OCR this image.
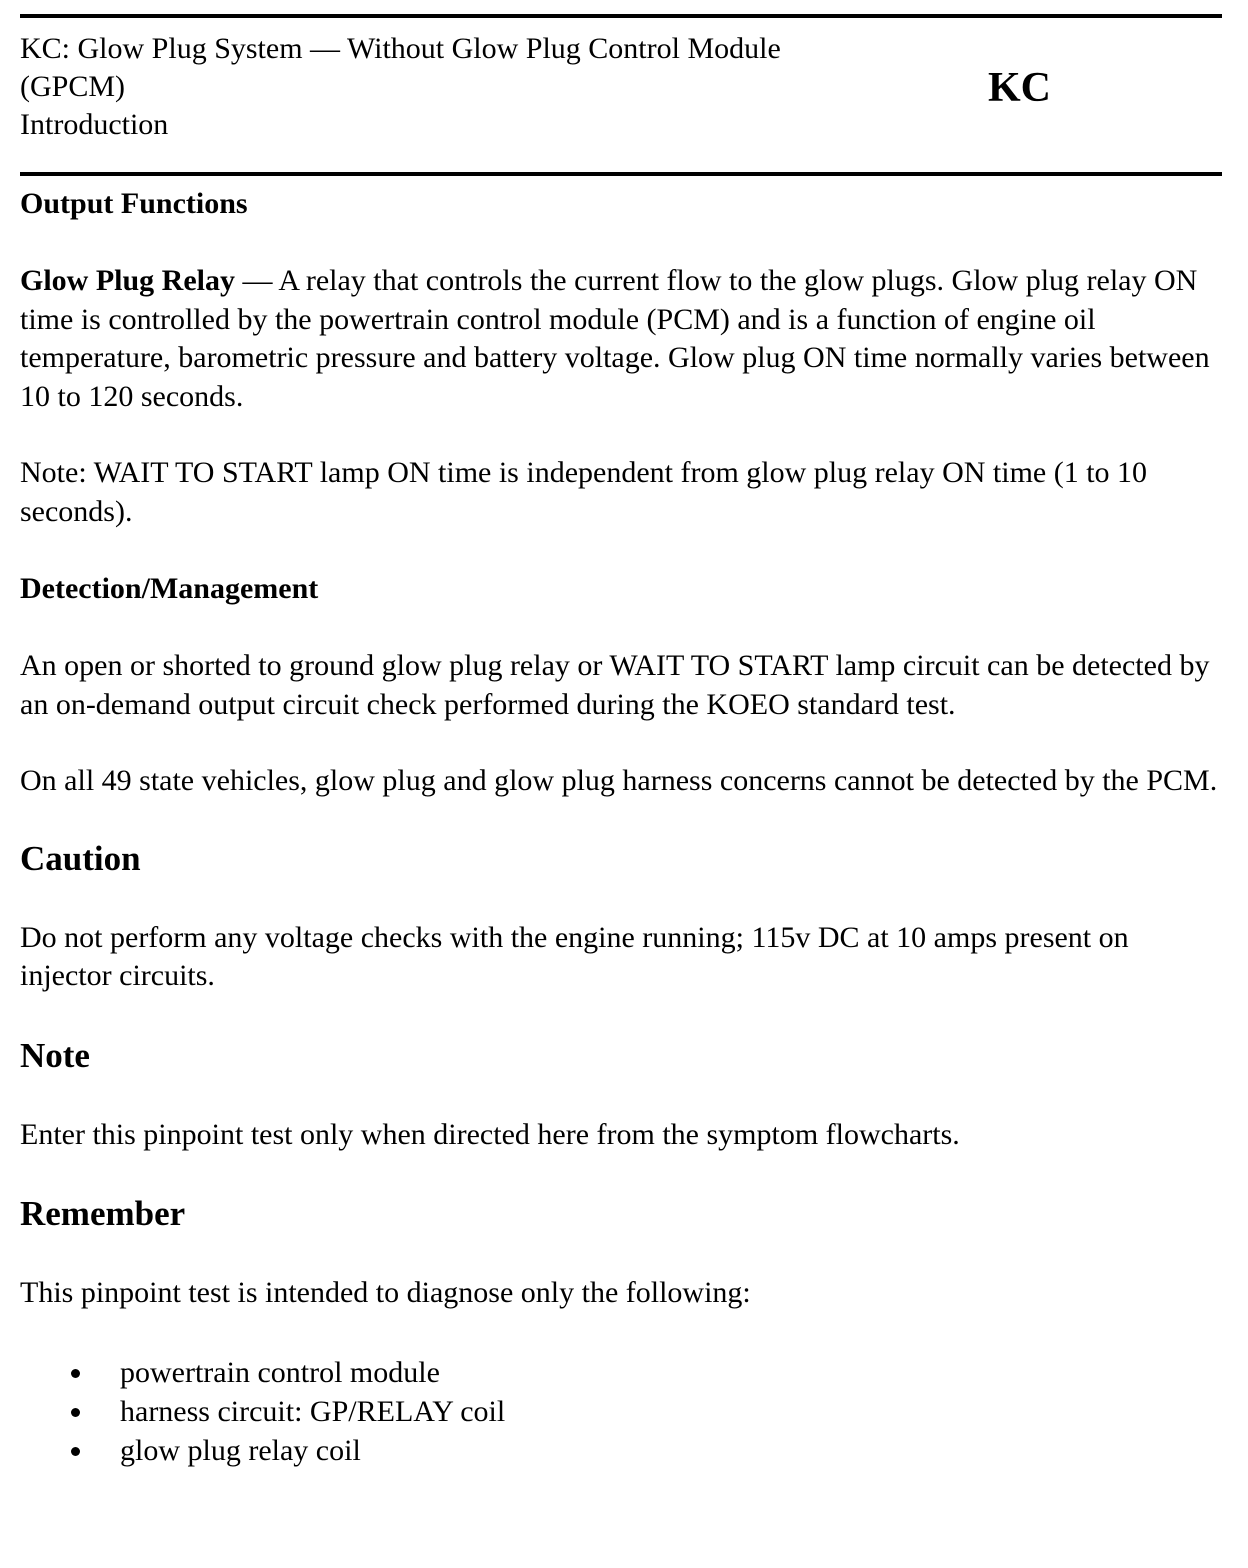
KC: Glow Plug System — Without Glow Plug Control Module
(GPCM)
Introduction
KC
Output Functions

Glow Plug Relay — A relay that controls the current flow to the glow plugs. Glow plug relay ON time is controlled by the powertrain control module (PCM) and is a function of engine oil temperature, barometric pressure and battery voltage. Glow plug ON time normally varies between 10 to 120 seconds.

Note: WAIT TO START lamp ON time is independent from glow plug relay ON time (1 to 10 seconds).

Detection/Management

An open or shorted to ground glow plug relay or WAIT TO START lamp circuit can be detected by an on-demand output circuit check performed during the KOEO standard test.

On all 49 state vehicles, glow plug and glow plug harness concerns cannot be detected by the PCM.

Caution

Do not perform any voltage checks with the engine running; 115v DC at 10 amps present on injector circuits.

Note

Enter this pinpoint test only when directed here from the symptom flowcharts.

Remember

This pinpoint test is intended to diagnose only the following:

powertrain control module
harness circuit: GP/RELAY coil
glow plug relay coil
